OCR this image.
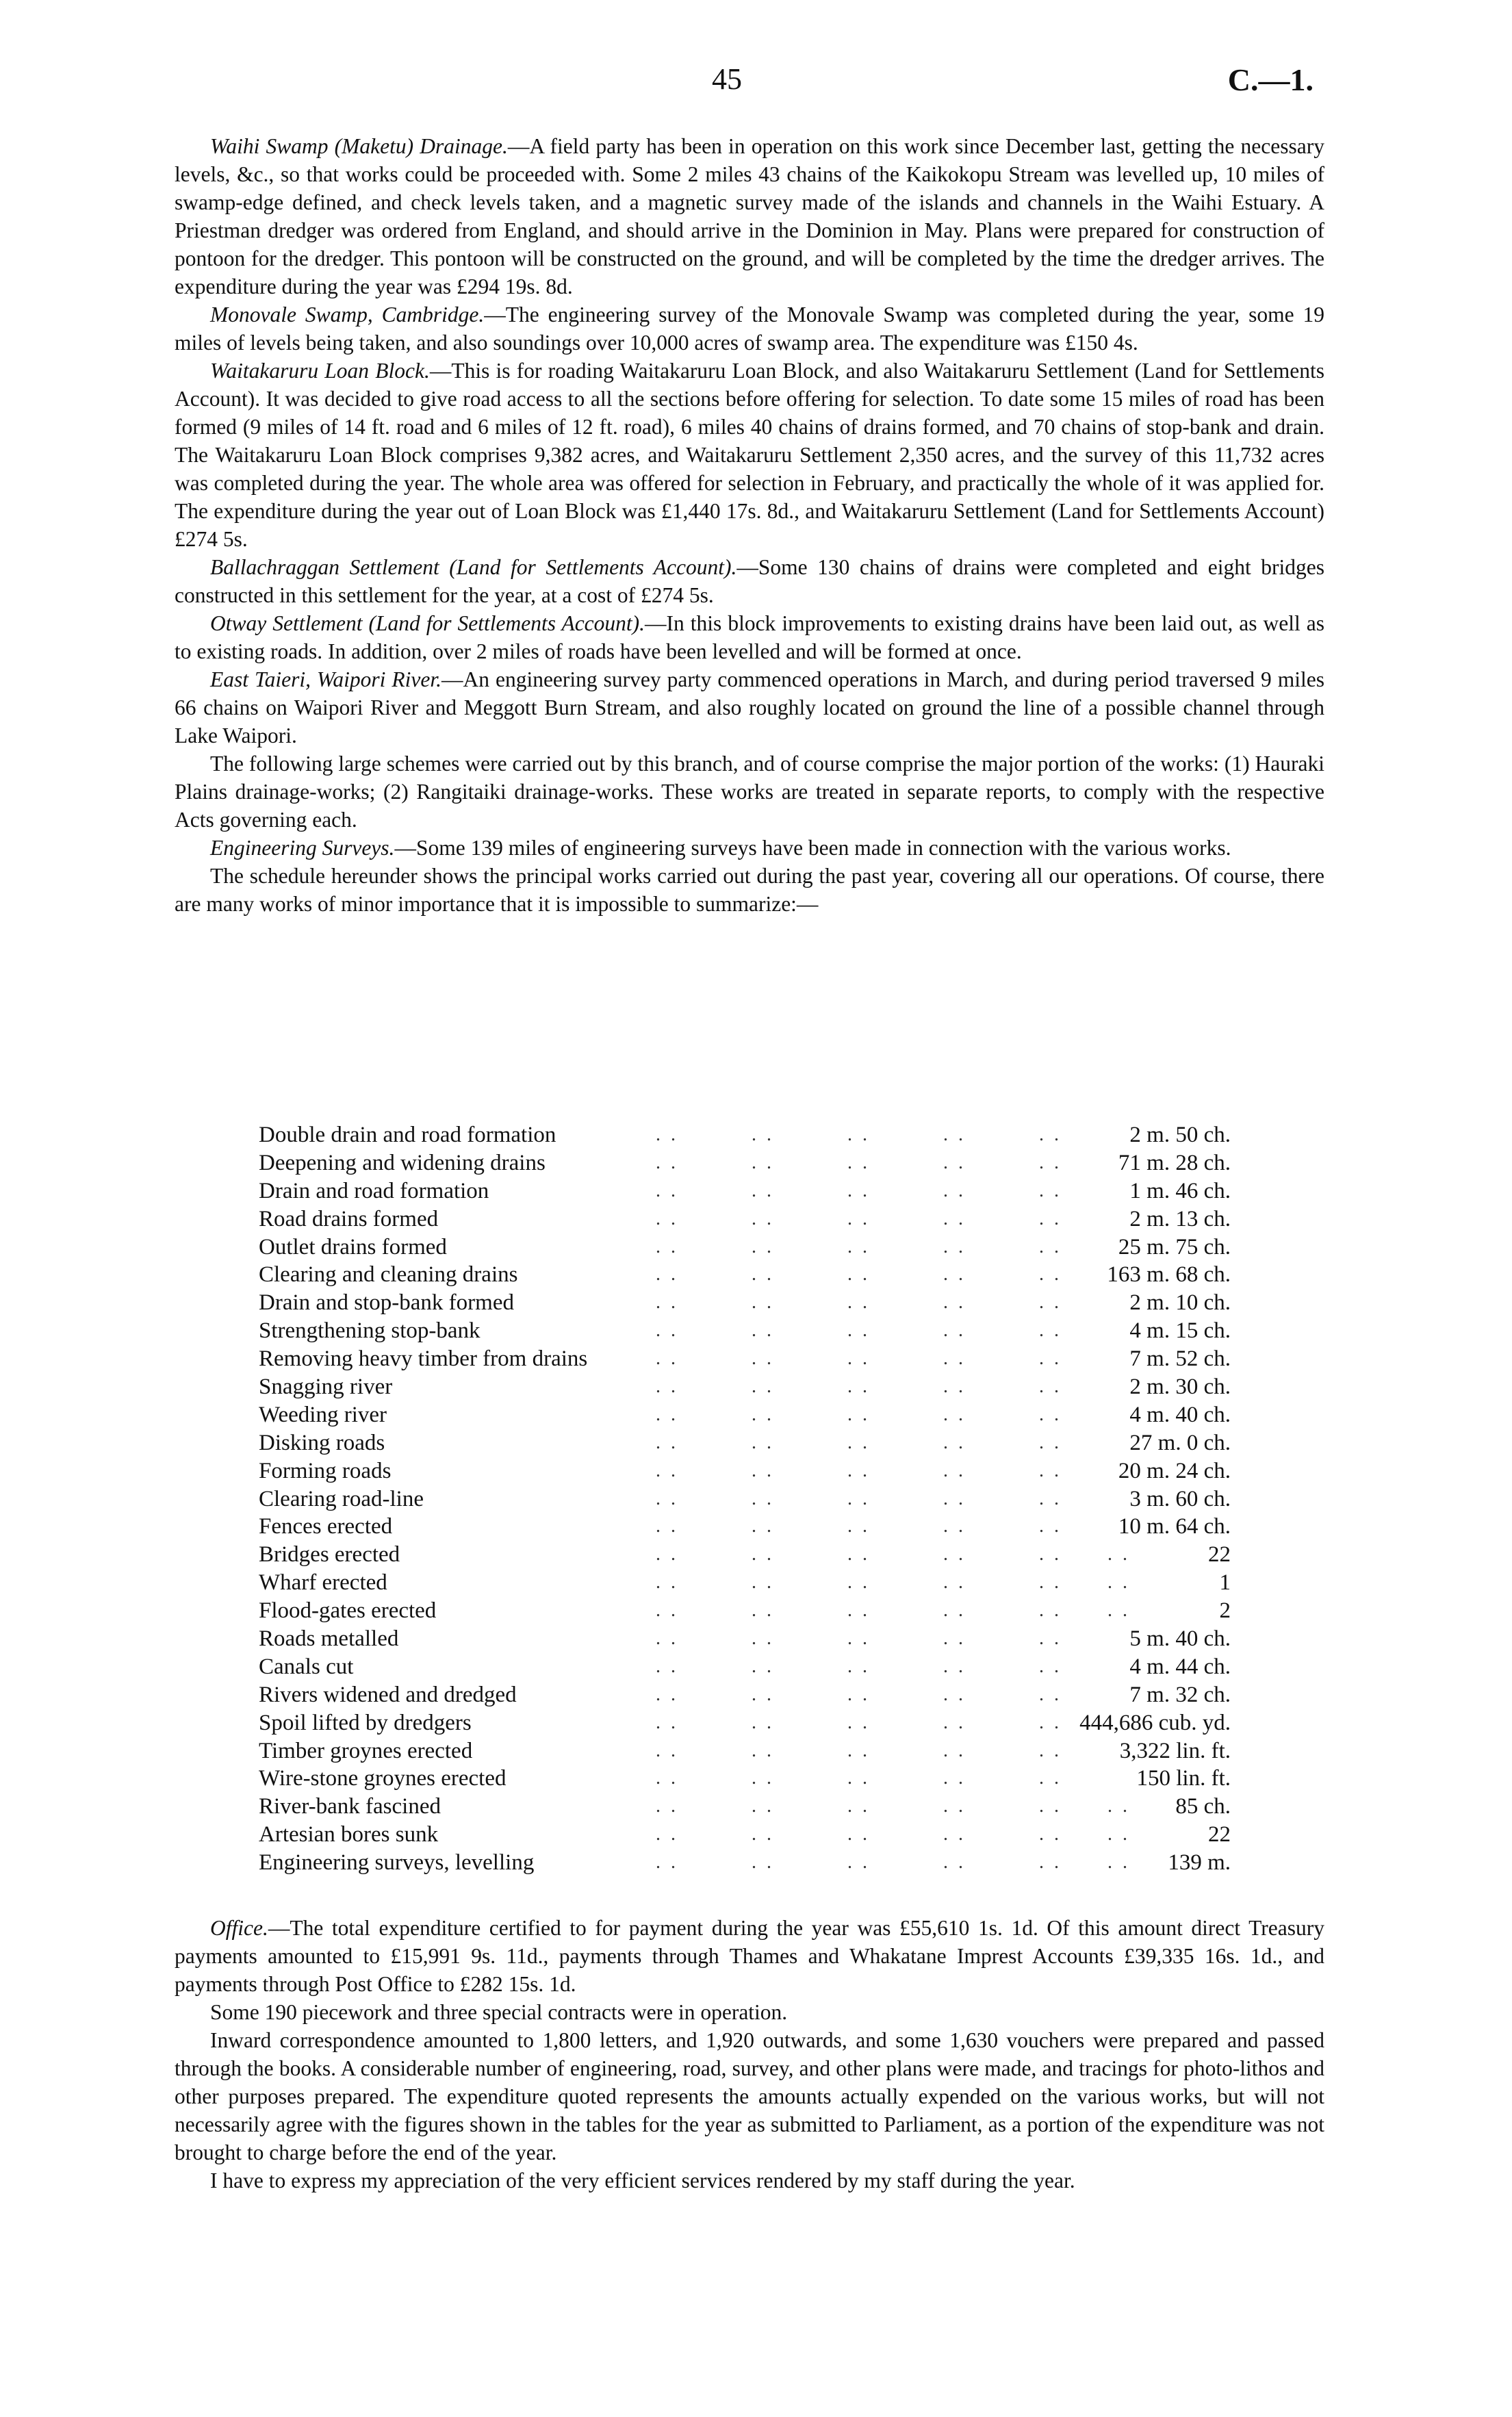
45	C.—1.

Waihi Swamp (Maketu) Drainage.—A field party has been in operation on this work since December last, getting the necessary levels, &c., so that works could be proceeded with. Some 2 miles 43 chains of the Kaikokopu Stream was levelled up, 10 miles of swamp-edge defined, and check levels taken, and a magnetic survey made of the islands and channels in the Waihi Estuary. A Priestman dredger was ordered from England, and should arrive in the Dominion in May. Plans were prepared for construction of pontoon for the dredger. This pontoon will be constructed on the ground, and will be completed by the time the dredger arrives. The expenditure during the year was £294 19s. 8d.

Monovale Swamp, Cambridge.—The engineering survey of the Monovale Swamp was completed during the year, some 19 miles of levels being taken, and also soundings over 10,000 acres of swamp area. The expenditure was £150 4s.

Waitakaruru Loan Block.—This is for roading Waitakaruru Loan Block, and also Waitakaruru Settlement (Land for Settlements Account). It was decided to give road access to all the sections before offering for selection. To date some 15 miles of road has been formed (9 miles of 14 ft. road and 6 miles of 12 ft. road), 6 miles 40 chains of drains formed, and 70 chains of stop-bank and drain. The Waitakaruru Loan Block comprises 9,382 acres, and Waitakaruru Settlement 2,350 acres, and the survey of this 11,732 acres was completed during the year. The whole area was offered for selection in February, and practically the whole of it was applied for. The expenditure during the year out of Loan Block was £1,440 17s. 8d., and Waitakaruru Settlement (Land for Settlements Account) £274 5s.

Ballachraggan Settlement (Land for Settlements Account).—Some 130 chains of drains were completed and eight bridges constructed in this settlement for the year, at a cost of £274 5s.

Otway Settlement (Land for Settlements Account).—In this block improvements to existing drains have been laid out, as well as to existing roads. In addition, over 2 miles of roads have been levelled and will be formed at once.

East Taieri, Waipori River.—An engineering survey party commenced operations in March, and during period traversed 9 miles 66 chains on Waipori River and Meggott Burn Stream, and also roughly located on ground the line of a possible channel through Lake Waipori.

The following large schemes were carried out by this branch, and of course comprise the major portion of the works: (1) Hauraki Plains drainage-works; (2) Rangitaiki drainage-works. These works are treated in separate reports, to comply with the respective Acts governing each.

Engineering Surveys.—Some 139 miles of engineering surveys have been made in connection with the various works.

The schedule hereunder shows the principal works carried out during the past year, covering all our operations. Of course, there are many works of minor importance that it is impossible to summarize:—

. .	. .	. .	. .	. .
Double drain and road formation	2 m. 50 ch.
. .	. .	. .	. .	. .
Deepening and widening drains	71 m. 28 ch.
. .	. .	. .	. .	. .
Drain and road formation	1 m. 46 ch.
. .	. .	. .	. .	. .
Road drains formed	2 m. 13 ch.
. .	. .	. .	. .	. .
Outlet drains formed	25 m. 75 ch.
. .	. .	. .	. .	. .
Clearing and cleaning drains	163 m. 68 ch.
. .	. .	. .	. .	. .
Drain and stop-bank formed	2 m. 10 ch.
. .	. .	. .	. .	. .
Strengthening stop-bank	4 m. 15 ch.
. .	. .	. .	. .	. .
Removing heavy timber from drains	7 m. 52 ch.
. .	. .	. .	. .	. .
Snagging river	2 m. 30 ch.
. .	. .	. .	. .	. .
Weeding river	4 m. 40 ch.
. .	. .	. .	. .	. .
Disking roads	27 m. 0 ch.
. .	. .	. .	. .	. .
Forming roads	20 m. 24 ch.
. .	. .	. .	. .	. .
Clearing road-line	3 m. 60 ch.
. .	. .	. .	. .	. .
Fences erected	10 m. 64 ch.
. .	. .	. .	. .	. . . .
Bridges erected	22
. .	. .	. .	. .	. . . .
Wharf erected	1
. .	. .	. .	. .	. . . .
Flood-gates erected	2
. .	. .	. .	. .	. .
Roads metalled	5 m. 40 ch.
. .	. .	. .	. .	. .
Canals cut	4 m. 44 ch.
. .	. .	. .	. .	. .
Rivers widened and dredged	7 m. 32 ch.
. .	. .	. .	. .	. .
Spoil lifted by dredgers	444,686 cub. yd.
. .	. .	. .	. .	. .
Timber groynes erected	3,322 lin. ft.
. .	. .	. .	. .	. .
Wire-stone groynes erected	150 lin. ft.
. .	. .	. .	. .	. . . .
River-bank fascined	85 ch.
. .	. .	. .	. .	. . . .
Artesian bores sunk	22
. .	. .	. .	. .	. . . .
Engineering surveys, levelling	139 m.

Office.—The total expenditure certified to for payment during the year was £55,610 1s. 1d. Of this amount direct Treasury payments amounted to £15,991 9s. 11d., payments through Thames and Whakatane Imprest Accounts £39,335 16s. 1d., and payments through Post Office to £282 15s. 1d.

Some 190 piecework and three special contracts were in operation.

Inward correspondence amounted to 1,800 letters, and 1,920 outwards, and some 1,630 vouchers were prepared and passed through the books. A considerable number of engineering, road, survey, and other plans were made, and tracings for photo-lithos and other purposes prepared. The expenditure quoted represents the amounts actually expended on the various works, but will not necessarily agree with the figures shown in the tables for the year as submitted to Parliament, as a portion of the expenditure was not brought to charge before the end of the year.

I have to express my appreciation of the very efficient services rendered by my staff during the year.
